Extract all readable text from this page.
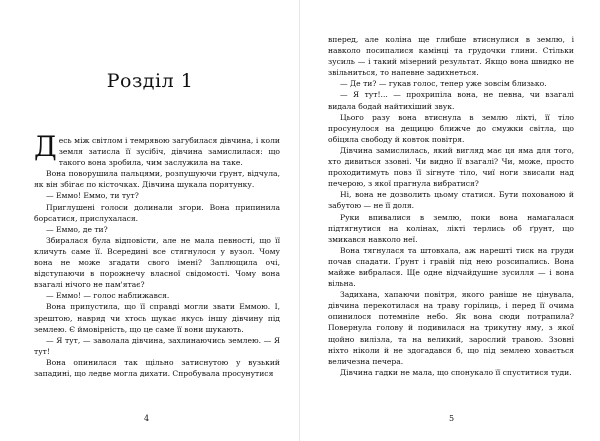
Розділ 1

Десь між світлом і темрявою загубилася дівчина, і коли земля затисла її зусібіч, дівчина замислилася: що такого вона зробила, чим заслужила на таке.

Вона поворушила пальцями, розпушуючи ґрунт, відчула, як він збігає по кісточках. Дівчина шукала порятунку.

— Еммо! Еммо, ти тут?

Приглушені голоси долинали згори. Вона припинила борсатися, прислухалася.

— Еммо, де ти?

Збиралася була відповісти, але не мала певності, що її кличуть саме її. Всередині все стягнулося у вузол. Чому вона не може згадати свого імені? Заплющила очі, відступаючи в порожнечу власної свідомості. Чому вона взагалі нічого не пам'ятає?

— Еммо! — голос наближався.

Вона припустила, що її справді могли звати Еммою. І, зрештою, навряд чи хтось шукає якусь іншу дівчину під землею. Є ймовірність, що це саме її вони шукають.

— Я тут, — заволала дівчина, захлинаючись землею. — Я тут!

Вона опинилася так щільно затиснутою у вузький западині, що ледве могла дихати. Спробувала просунутися

4

вперед, але коліна ще глибше втиснулися в землю, і навколо посипалися камінці та грудочки глини. Стільки зусиль — і такий мізерний результат. Якщо вона швидко не звільниться, то напевне задихнеться.

— Де ти? — гукав голос, тепер уже зовсім близько.

— Я тут!... — прохрипіла вона, не певна, чи взагалі видала бодай найтихіший звук.

Цього разу вона втиснула в землю лікті, її тіло просунулося на дещицю ближче до смужки світла, що обіцяла свободу й ковток повітря.

Дівчина замислилась, який вигляд має ця яма для того, хто дивиться ззовні. Чи видно її взагалі? Чи, може, просто проходитимуть повз її зігнуте тіло, чиї ноги звисали над печерою, з якої прагнула вибратися?

Ні, вона не дозволить цьому статися. Бути похованою й забутою — не її доля.

Руки впивалися в землю, поки вона намагалася підтягнутися на колінах, лікті терлись об ґрунт, що змикався навколо неї.

Вона тягнулася та штовхала, аж нарешті тиск на груди почав спадати. Ґрунт і гравій під нею розсипались. Вона майже вибралася. Ще одне відчайдушне зусилля — і вона вільна.

Задихана, хапаючи повітря, якого раніше не цінувала, дівчина перекотилася на траву горілиць, і перед її очима опинилося потемніле небо. Як вона сюди потрапила? Повернула голову й подивилася на трикутну яму, з якої щойно вилізла, та на великий, зарослий травою. Ззовні ніхто ніколи й не здогадався б, що під землею ховається величезна печера.

Дівчина гадки не мала, що спонукало її спуститися туди.

5
